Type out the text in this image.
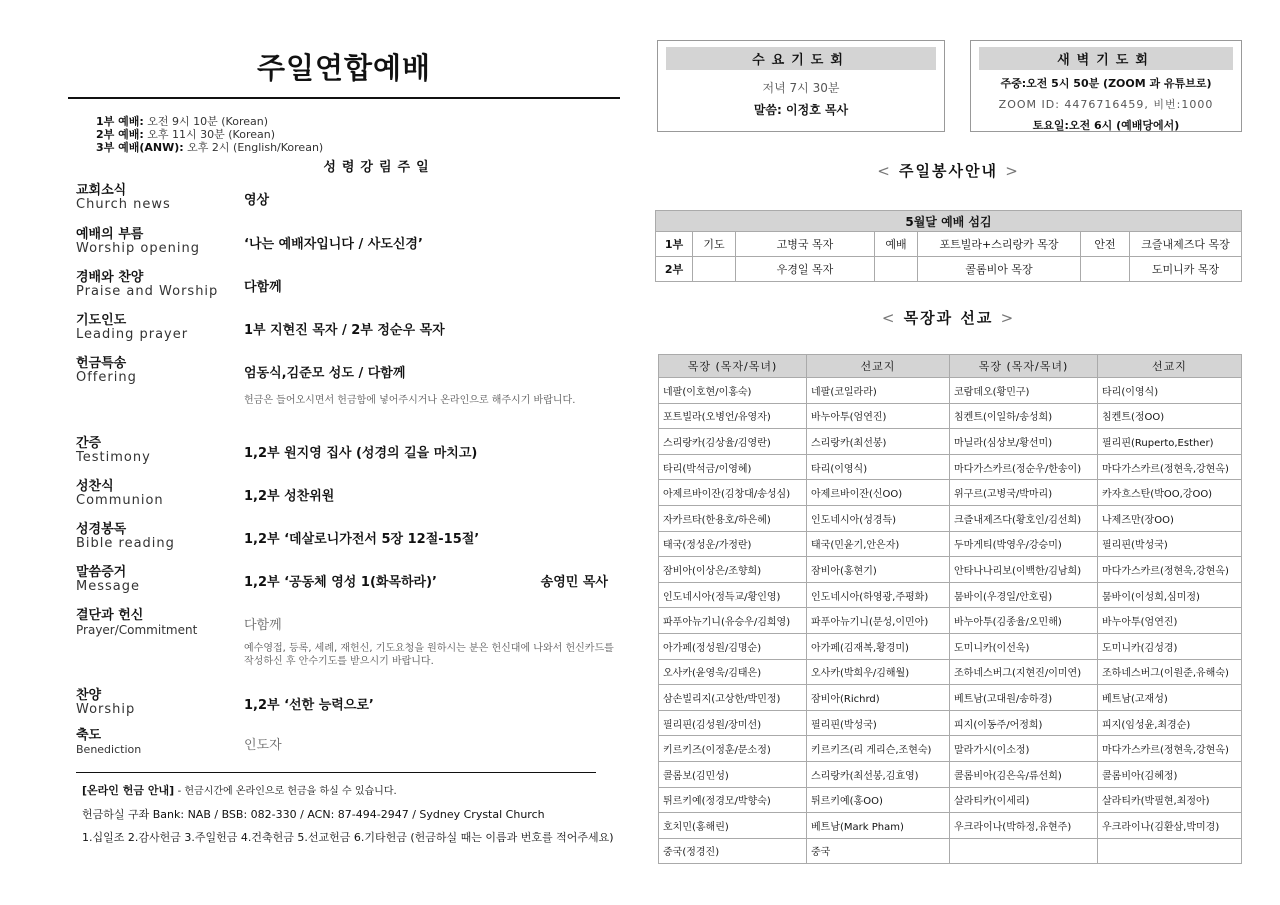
주일연합예배
1부 예배: 오전 9시 10분 (Korean)
2부 예배: 오후 11시 30분 (Korean)
3부 예배(ANW): 오후 2시 (English/Korean)
성령강림주일
교회소식
Church news	영상
예배의 부름
Worship opening	‘나는 예배자입니다 / 사도신경’
경배와 찬양
Praise and Worship	다함께
기도인도
Leading prayer	1부 지현진 목자 / 2부 정순우 목자
헌금특송
Offering	엄동식,김준모 성도 / 다함께
헌금은 들어오시면서 헌금함에 넣어주시거나 온라인으로 해주시기 바랍니다.
간증
Testimony	1,2부 원지영 집사 (성경의 길을 마치고)
성찬식
Communion	1,2부 성찬위원
성경봉독
Bible reading	1,2부 ‘데살로니가전서 5장 12절-15절’
말씀증거
Message	1,2부 ‘공동체 영성 1(화목하라)’	송영민 목사
결단과 헌신
Prayer/Commitment	다함께
예수영접, 등록, 세례, 재헌신, 기도요청을 원하시는 분은 헌신대에 나와서 헌신카드를 작성하신 후 안수기도를 받으시기 바랍니다.
찬양
Worship	1,2부 ‘선한 능력으로’
축도
Benediction	인도자
[온라인 헌금 안내] - 헌금시간에 온라인으로 헌금을 하실 수 있습니다.
헌금하실 구좌 Bank: NAB / BSB: 082-330 / ACN: 87-494-2947 / Sydney Crystal Church
1.십일조 2.감사헌금 3.주일헌금 4.건축헌금 5.선교헌금 6.기타헌금 (헌금하실 때는 이름과 번호를 적어주세요)
수요기도회
저녁 7시 30분
말씀: 이정호 목사
새벽기도회
주중:오전 5시 50분 (ZOOM 과 유튜브로)
ZOOM ID: 4476716459, 비번:1000
토요일:오전 6시 (예배당에서)
< 주일봉사안내 >
5월달 예배 섬김						
1부	기도	고병국 목자	예배	포트빌라+스리랑카 목장	안전	크즐내제즈다 목장
2부		우경일 목자		콜롬비아 목장		도미니카 목장
< 목장과 선교 >
목장 (목자/목녀)	선교지	목장 (목자/목녀)	선교지
네팔(이호현/이홍숙)	네팔(코일라라)	코람데오(황민구)	타리(이영식)
포트빌라(오병언/유영자)	바누아투(엄연진)	침켄트(이일하/송성희)	침켄트(정OO)
스리랑카(김상율/김영란)	스리랑카(최선봉)	마닐라(심상보/황선미)	필리핀(Ruperto,Esther)
타리(박석금/이영혜)	타리(이영식)	마다가스카르(정순우/한송이)	마다가스카르(정현욱,강현옥)
아제르바이잔(김창대/송성심)	아제르바이잔(신OO)	위구르(고병국/박마리)	카자흐스탄(박OO,강OO)
자카르타(한용호/하은혜)	인도네시아(성경득)	크즐내제즈다(황호인/김선희)	나제즈만(장OO)
태국(정성운/가정란)	태국(민윤기,안은자)	두마게티(박영우/강승미)	필리핀(박성국)
잠비아(이상은/조향희)	잠비아(홍현기)	안타나나리보(이백한/김남희)	마다가스카르(정현욱,강현옥)
인도네시아(정득교/황인영)	인도네시아(하영광,주평화)	뭄바이(우경일/안호림)	뭄바이(이성희,심미정)
파푸아뉴기니(유승우/김희영)	파푸아뉴기니(문성,이민아)	바누아투(김종율/오민해)	바누아투(엄연진)
아가페(정성원/김명순)	아가페(김재복,황경미)	도미니카(이선욱)	도미니카(김성경)
오사카(윤영욱/김태은)	오사카(박희우/김해월)	조하네스버그(지현진/이미연)	조하네스버그(이원준,유해숙)
삼손빌리지(고상한/박민정)	잠비아(Richrd)	베트남(고대원/송하경)	베트남(고재성)
필리핀(김성원/장미선)	필리핀(박성국)	피지(이동주/어정희)	피지(임성윤,최경순)
키르키즈(이정훈/문소정)	키르키즈(리 게리슨,조현숙)	말라가시(이소정)	마다가스카르(정현욱,강현옥)
콜롬보(김민성)	스리랑카(최선봉,김효영)	콜롬비아(김은옥/류선희)	콜롬비아(김혜정)
튀르키예(정경모/박향숙)	튀르키예(홍OO)	살라티카(이세리)	살라티카(박필현,최정아)
호치민(홍해린)	베트남(Mark Pham)	우크라이나(박하정,유현주)	우크라이나(김환삼,박미경)
중국(정경진)	중국		
